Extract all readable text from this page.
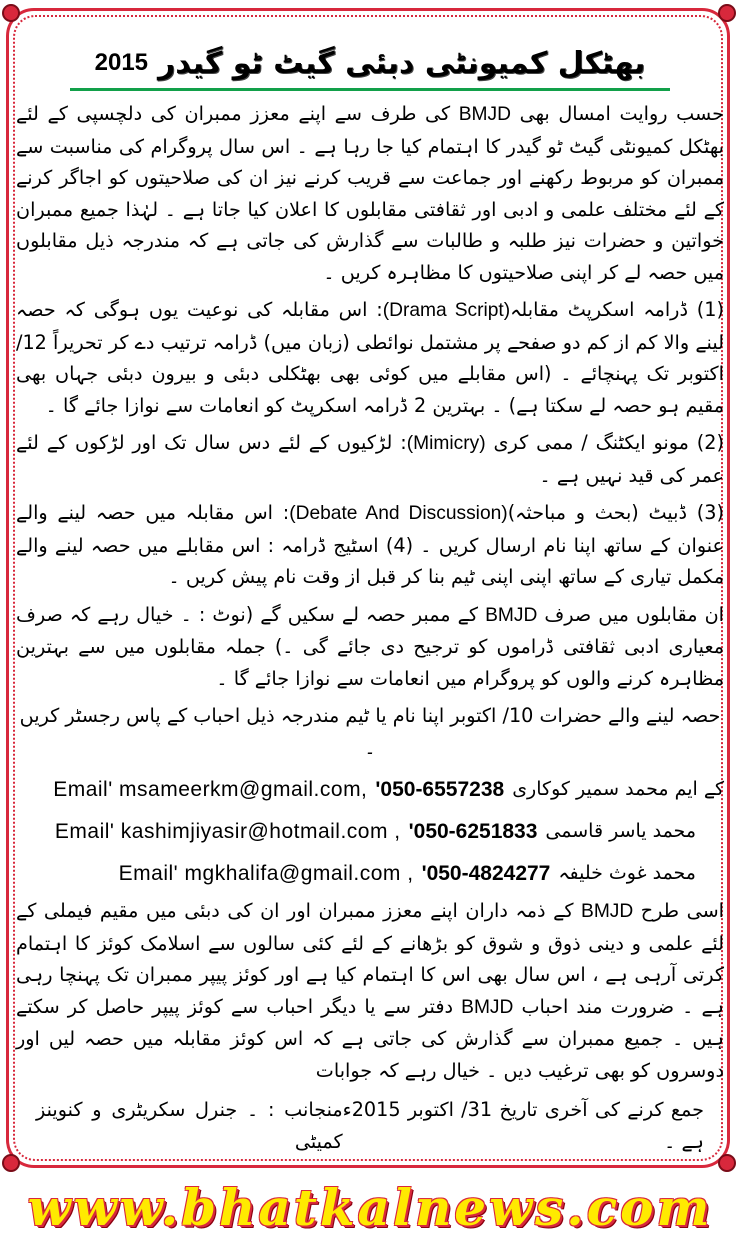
2015 بھٹکل کمیونٹی دبئی گیٹ ٹو گیدر

حسب روایت امسال بھی BMJD کی طرف سے اپنے معزز ممبران کی دلچسپی کے لئے بھٹکل کمیونٹی گیٹ ٹو گیدر کا اہتمام کیا جا رہا ہے ۔ اس سال پروگرام کی مناسبت سے ممبران کو مربوط رکھنے اور جماعت سے قریب کرنے نیز ان کی صلاحیتوں کو اجاگر کرنے کے لئے مختلف علمی و ادبی اور ثقافتی مقابلوں کا اعلان کیا جاتا ہے ۔ لہٰذا جمیع ممبران خواتین و حضرات نیز طلبہ و طالبات سے گذارش کی جاتی ہے کہ مندرجہ ذیل مقابلوں میں حصہ لے کر اپنی صلاحیتوں کا مظاہرہ کریں ۔

(1) ڈرامہ اسکرپٹ مقابلہ(Drama Script): اس مقابلہ کی نوعیت یوں ہوگی کہ حصہ لینے والا کم از کم دو صفحے پر مشتمل نوائطی (زبان میں) ڈرامہ ترتیب دے کر تحریراً 12/ اکتوبر تک پہنچائے ۔ (اس مقابلے میں کوئی بھی بھٹکلی دبئی و بیرون دبئی جہاں بھی مقیم ہو حصہ لے سکتا ہے) ۔ بہترین 2 ڈرامہ اسکرپٹ کو انعامات سے نوازا جائے گا ۔

(2) مونو ایکٹنگ / ممی کری (Mimicry): لڑکیوں کے لئے دس سال تک اور لڑکوں کے لئے عمر کی قید نہیں ہے ۔

(3) ڈبیٹ (بحث و مباحثہ)(Debate And Discussion): اس مقابلہ میں حصہ لینے والے عنوان کے ساتھ اپنا نام ارسال کریں ۔ (4) اسٹیج ڈرامہ : اس مقابلے میں حصہ لینے والے مکمل تیاری کے ساتھ اپنی اپنی ٹیم بنا کر قبل از وقت نام پیش کریں ۔

ان مقابلوں میں صرف BMJD کے ممبر حصہ لے سکیں گے (نوٹ : ۔ خیال رہے کہ صرف معیاری ادبی ثقافتی ڈراموں کو ترجیح دی جائے گی ۔) جملہ مقابلوں میں سے بہترین مظاہرہ کرنے والوں کو پروگرام میں انعامات سے نوازا جائے گا ۔

حصہ لینے والے حضرات 10/ اکتوبر اپنا نام یا ٹیم مندرجہ ذیل احباب کے پاس رجسٹر کریں ۔

کے ایم محمد سمیر کوکاری
'050-6557238
Email' msameerkm@gmail.com,
محمد یاسر قاسمی
'050-6251833
Email' kashimjiyasir@hotmail.com ,
محمد غوث خلیفہ
'050-4824277
Email' mgkhalifa@gmail.com ,

اسی طرح BMJD کے ذمہ داران اپنے معزز ممبران اور ان کی دبئی میں مقیم فیملی کے لئے علمی و دینی ذوق و شوق کو بڑھانے کے لئے کئی سالوں سے اسلامک کوئز کا اہتمام کرتی آرہی ہے ، اس سال بھی اس کا اہتمام کیا ہے اور کوئز پیپر ممبران تک پہنچا رہی ہے ۔ ضرورت مند احباب BMJD دفتر سے یا دیگر احباب سے کوئز پیپر حاصل کر سکتے ہیں ۔ جمیع ممبران سے گذارش کی جاتی ہے کہ اس کوئز مقابلہ میں حصہ لیں اور دوسروں کو بھی ترغیب دیں ۔ خیال رہے کہ جوابات

جمع کرنے کی آخری تاریخ 31/ اکتوبر 2015ء ہے ۔
منجانب : ۔ جنرل سکریٹری و کنوینز کمیٹی
www.bhatkalnews.com
